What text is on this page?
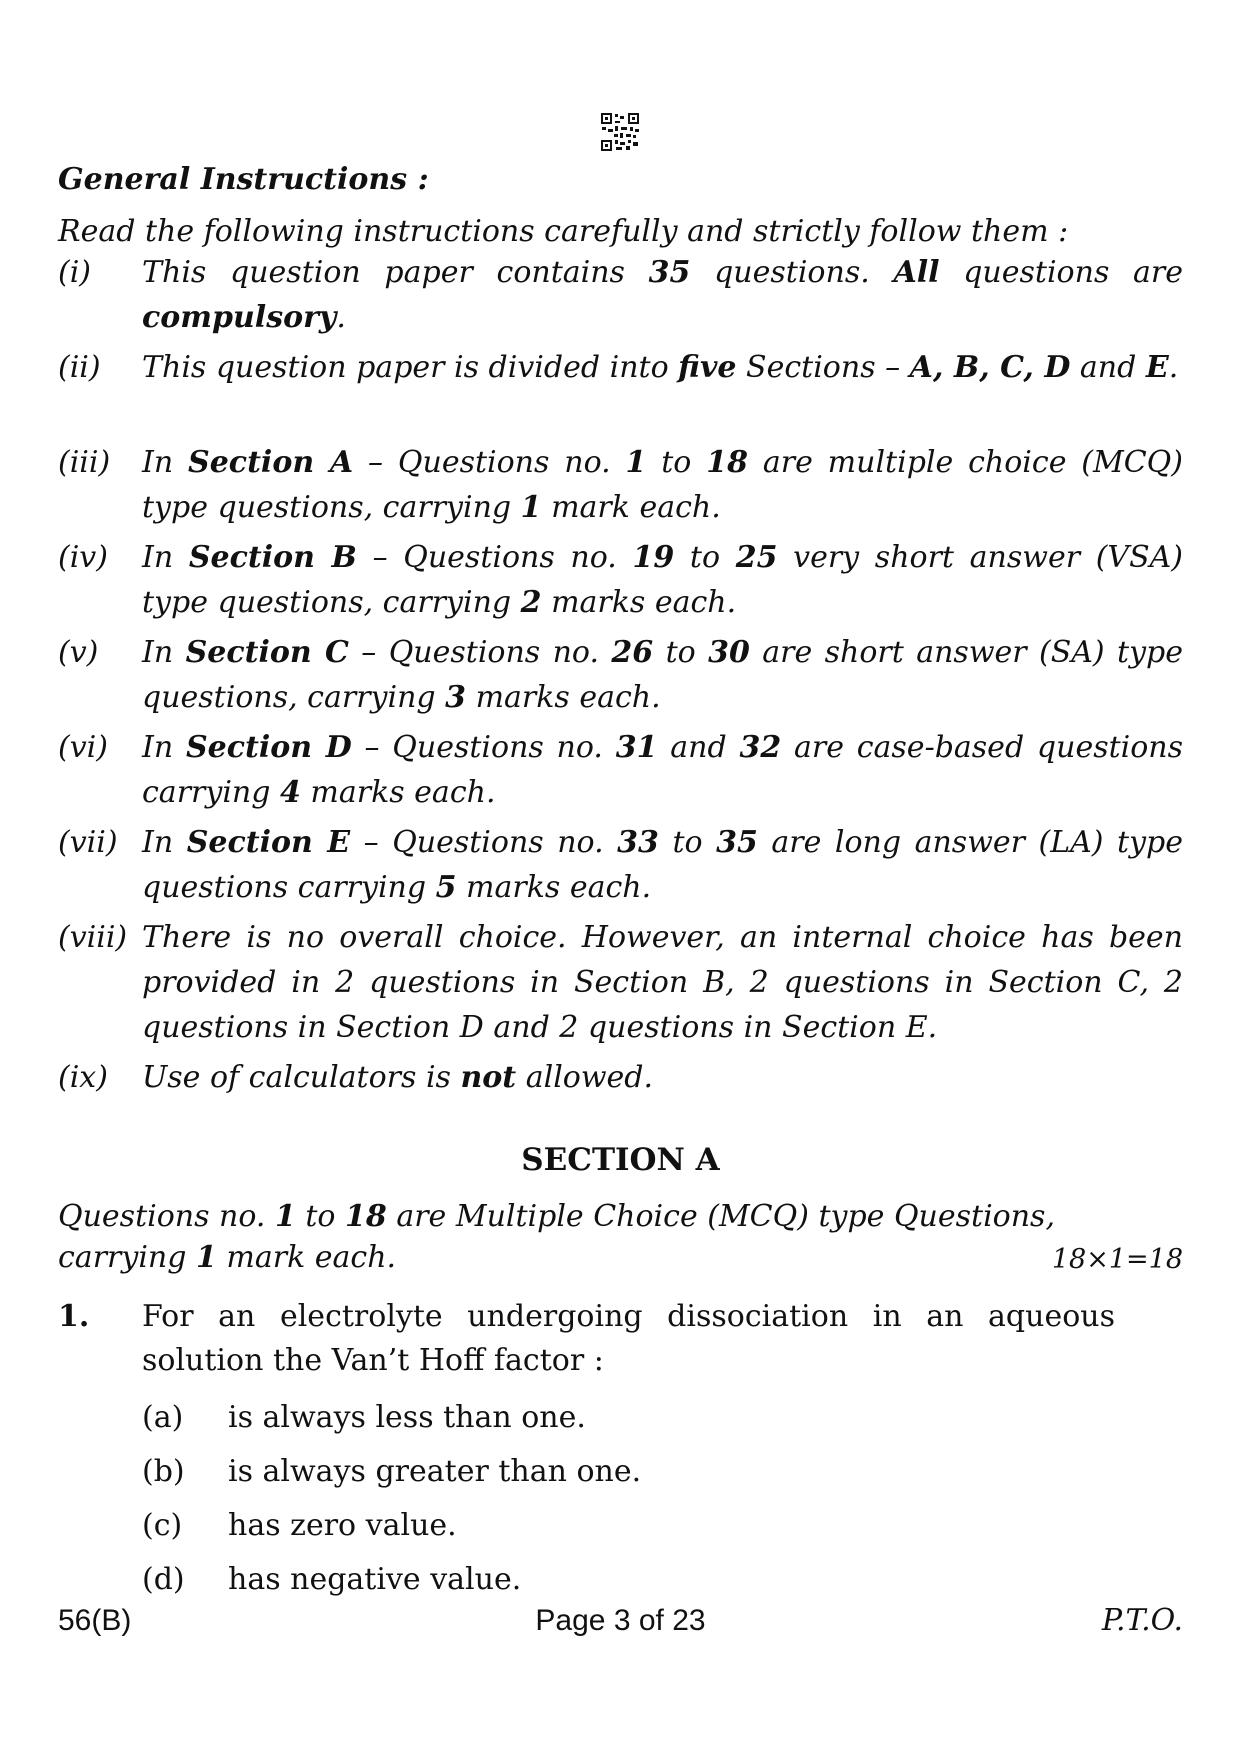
General Instructions :
Read the following instructions carefully and strictly follow them :
(i) This question paper contains 35 questions. All questions are compulsory.
(ii) This question paper is divided into five Sections – A, B, C, D and E.
(iii) In Section A – Questions no. 1 to 18 are multiple choice (MCQ) type questions, carrying 1 mark each.
(iv) In Section B – Questions no. 19 to 25 very short answer (VSA) type questions, carrying 2 marks each.
(v) In Section C – Questions no. 26 to 30 are short answer (SA) type questions, carrying 3 marks each.
(vi) In Section D – Questions no. 31 and 32 are case-based questions carrying 4 marks each.
(vii) In Section E – Questions no. 33 to 35 are long answer (LA) type questions carrying 5 marks each.
(viii) There is no overall choice. However, an internal choice has been provided in 2 questions in Section B, 2 questions in Section C, 2 questions in Section D and 2 questions in Section E.
(ix) Use of calculators is not allowed.
SECTION A
Questions no. 1 to 18 are Multiple Choice (MCQ) type Questions,
carrying 1 mark each.	18×1=18
1. For an electrolyte undergoing dissociation in an aqueous solution the Van’t Hoff factor :
(a) is always less than one.
(b) is always greater than one.
(c) has zero value.
(d) has negative value.
56(B)	Page 3 of 23	P.T.O.
